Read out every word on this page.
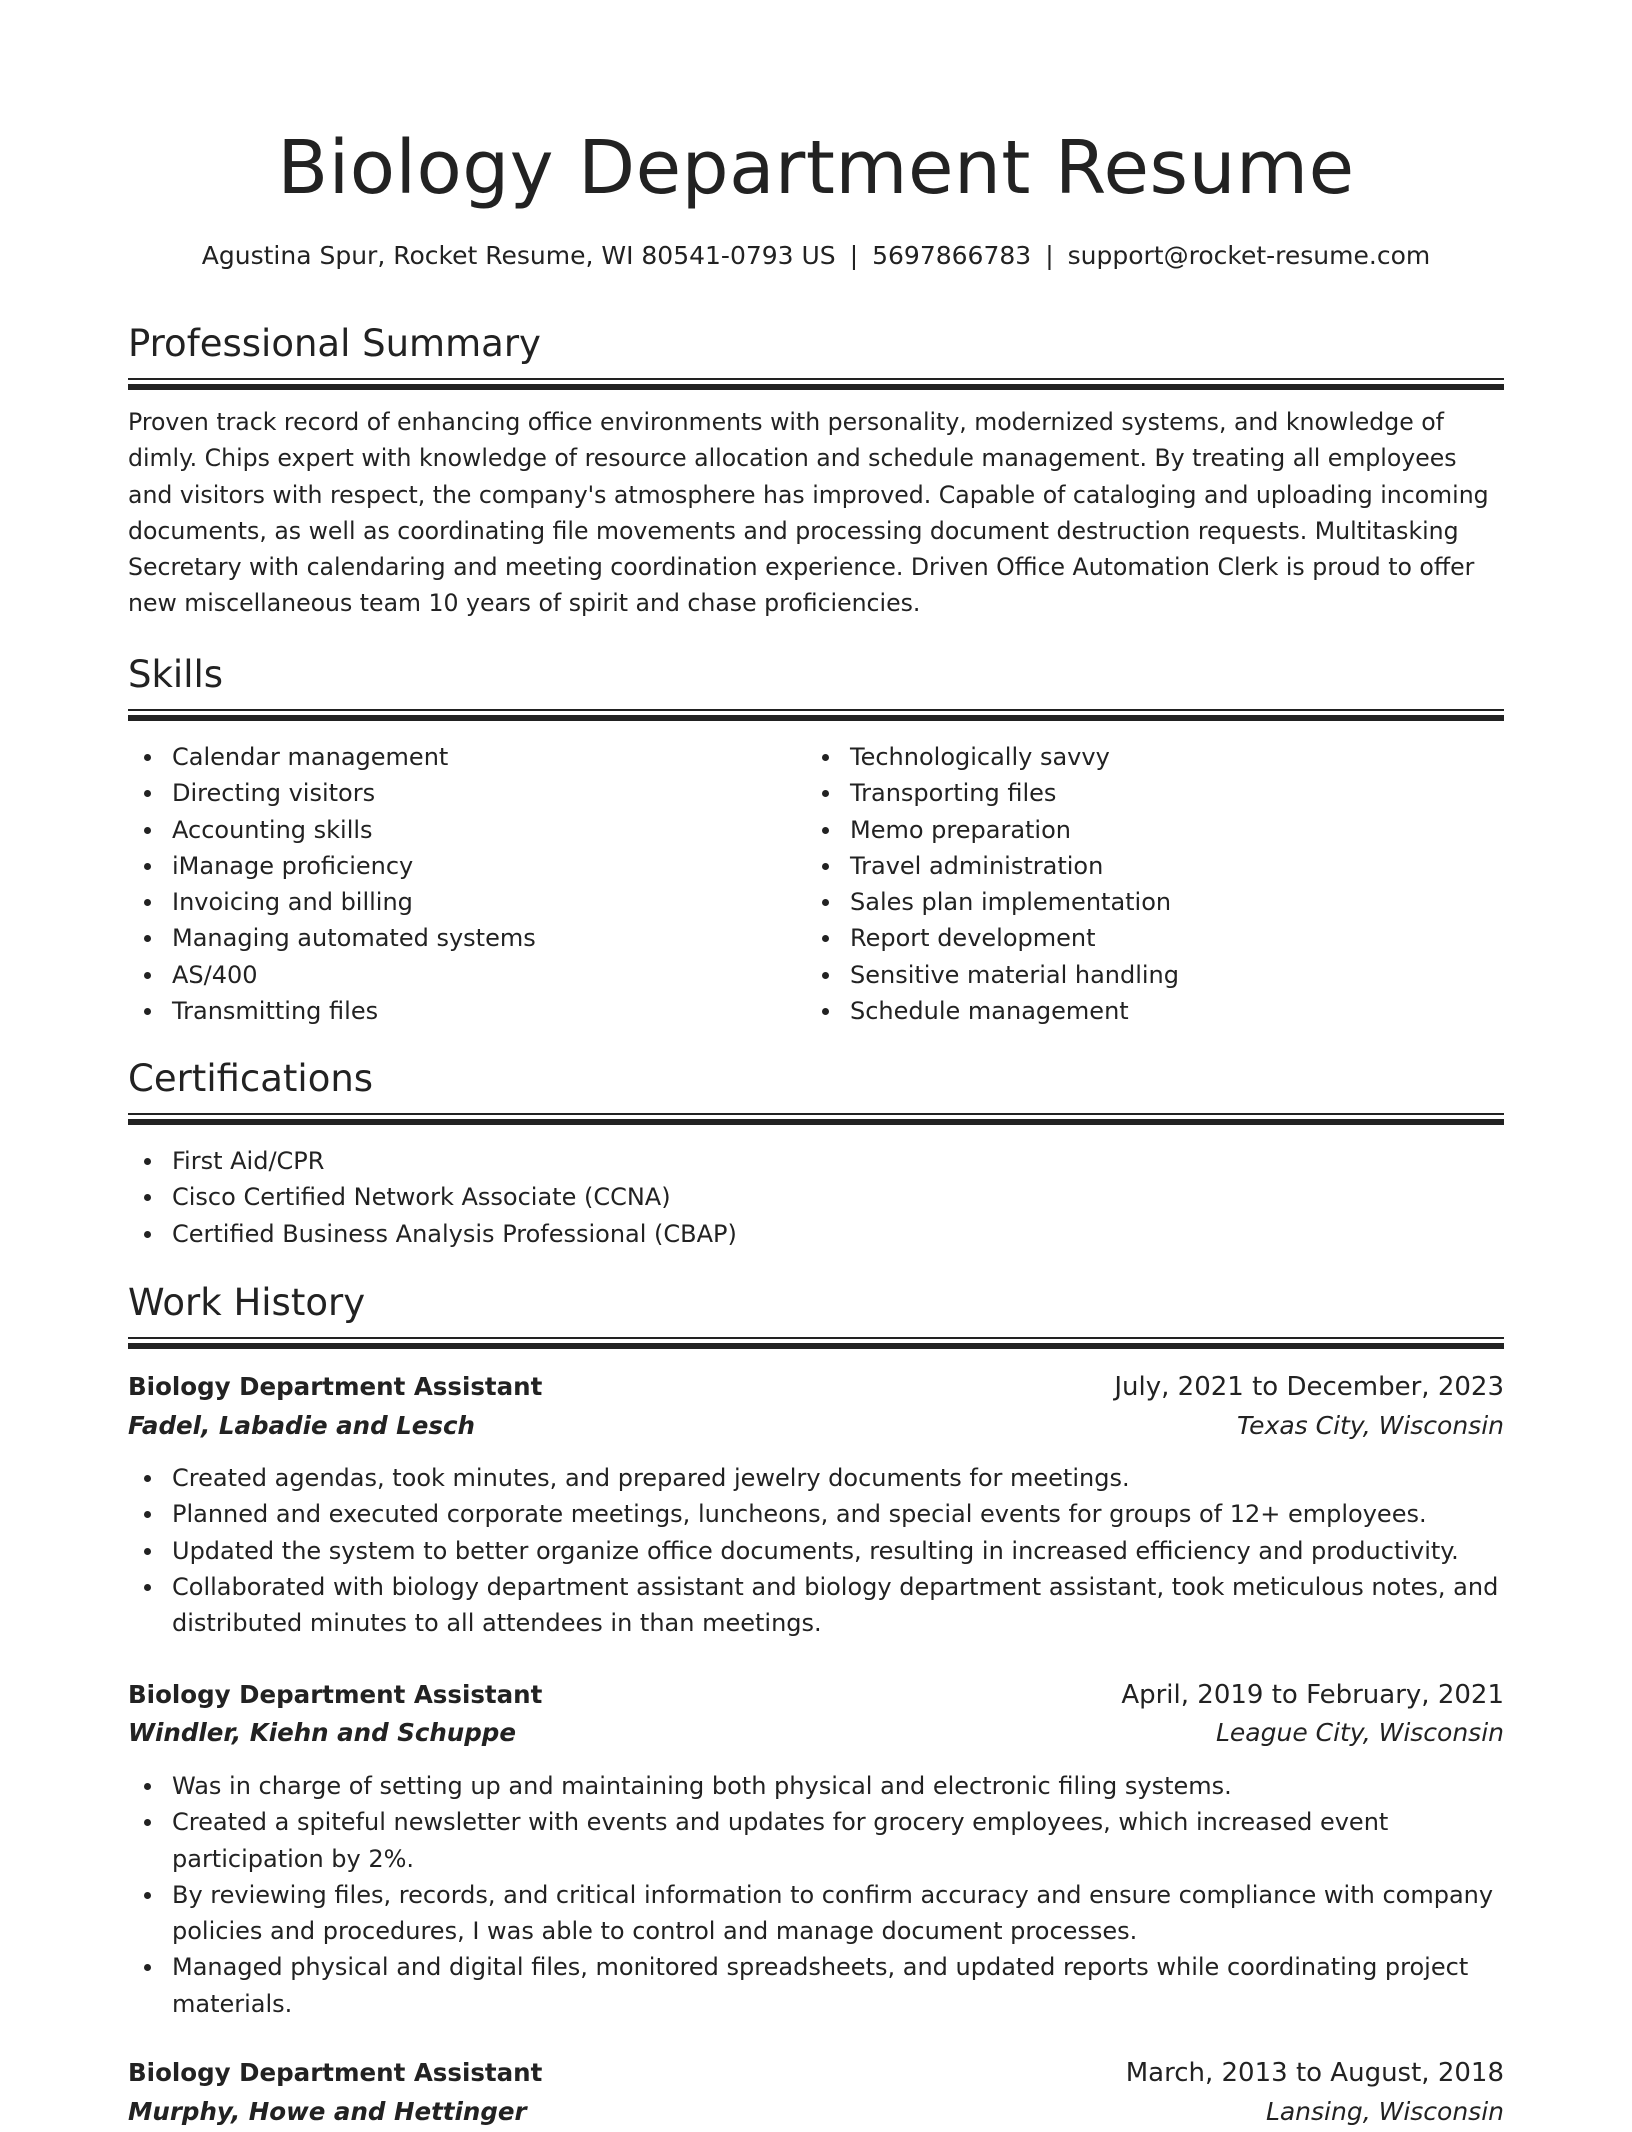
Biology Department Resume
Agustina Spur, Rocket Resume, WI 80541-0793 US | 5697866783 | support@rocket-resume.com
Professional Summary

Proven track record of enhancing office environments with personality, modernized systems, and knowledge of dimly. Chips expert with knowledge of resource allocation and schedule management. By treating all employees and visitors with respect, the company's atmosphere has improved. Capable of cataloging and uploading incoming documents, as well as coordinating file movements and processing document destruction requests. Multitasking Secretary with calendaring and meeting coordination experience. Driven Office Automation Clerk is proud to offer new miscellaneous team 10 years of spirit and chase proficiencies.

Skills
Calendar management
Directing visitors
Accounting skills
iManage proficiency
Invoicing and billing
Managing automated systems
AS/400
Transmitting files
Technologically savvy
Transporting files
Memo preparation
Travel administration
Sales plan implementation
Report development
Sensitive material handling
Schedule management
Certifications
First Aid/CPR
Cisco Certified Network Associate (CCNA)
Certified Business Analysis Professional (CBAP)
Work History
Biology Department Assistant	July, 2021 to December, 2023
Fadel, Labadie and Lesch	Texas City, Wisconsin
Created agendas, took minutes, and prepared jewelry documents for meetings.
Planned and executed corporate meetings, luncheons, and special events for groups of 12+ employees.
Updated the system to better organize office documents, resulting in increased efficiency and productivity.
Collaborated with biology department assistant and biology department assistant, took meticulous notes, and distributed minutes to all attendees in than meetings.
Biology Department Assistant	April, 2019 to February, 2021
Windler, Kiehn and Schuppe	League City, Wisconsin
Was in charge of setting up and maintaining both physical and electronic filing systems.
Created a spiteful newsletter with events and updates for grocery employees, which increased event participation by 2%.
By reviewing files, records, and critical information to confirm accuracy and ensure compliance with company policies and procedures, I was able to control and manage document processes.
Managed physical and digital files, monitored spreadsheets, and updated reports while coordinating project materials.
Biology Department Assistant	March, 2013 to August, 2018
Murphy, Howe and Hettinger	Lansing, Wisconsin
